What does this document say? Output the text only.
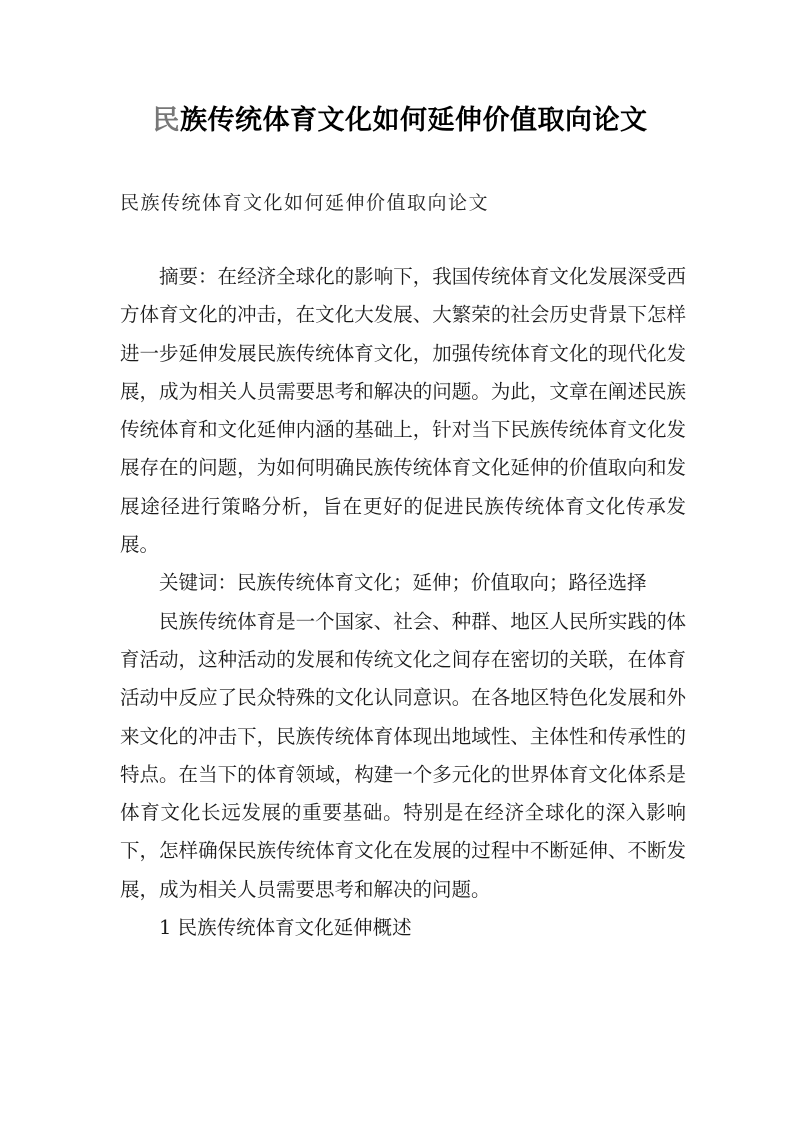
民族传统体育文化如何延伸价值取向论文
民族传统体育文化如何延伸价值取向论文

摘要：在经济全球化的影响下，我国传统体育文化发展深受西方体育文化的冲击，在文化大发展、大繁荣的社会历史背景下怎样进一步延伸发展民族传统体育文化，加强传统体育文化的现代化发展，成为相关人员需要思考和解决的问题。为此，文章在阐述民族传统体育和文化延伸内涵的基础上，针对当下民族传统体育文化发展存在的问题，为如何明确民族传统体育文化延伸的价值取向和发展途径进行策略分析，旨在更好的促进民族传统体育文化传承发展。

关键词：民族传统体育文化；延伸；价值取向；路径选择

民族传统体育是一个国家、社会、种群、地区人民所实践的体育活动，这种活动的发展和传统文化之间存在密切的关联，在体育活动中反应了民众特殊的文化认同意识。在各地区特色化发展和外来文化的冲击下，民族传统体育体现出地域性、主体性和传承性的特点。在当下的体育领域，构建一个多元化的世界体育文化体系是体育文化长远发展的重要基础。特别是在经济全球化的深入影响下，怎样确保民族传统体育文化在发展的过程中不断延伸、不断发展，成为相关人员需要思考和解决的问题。

1 民族传统体育文化延伸概述
